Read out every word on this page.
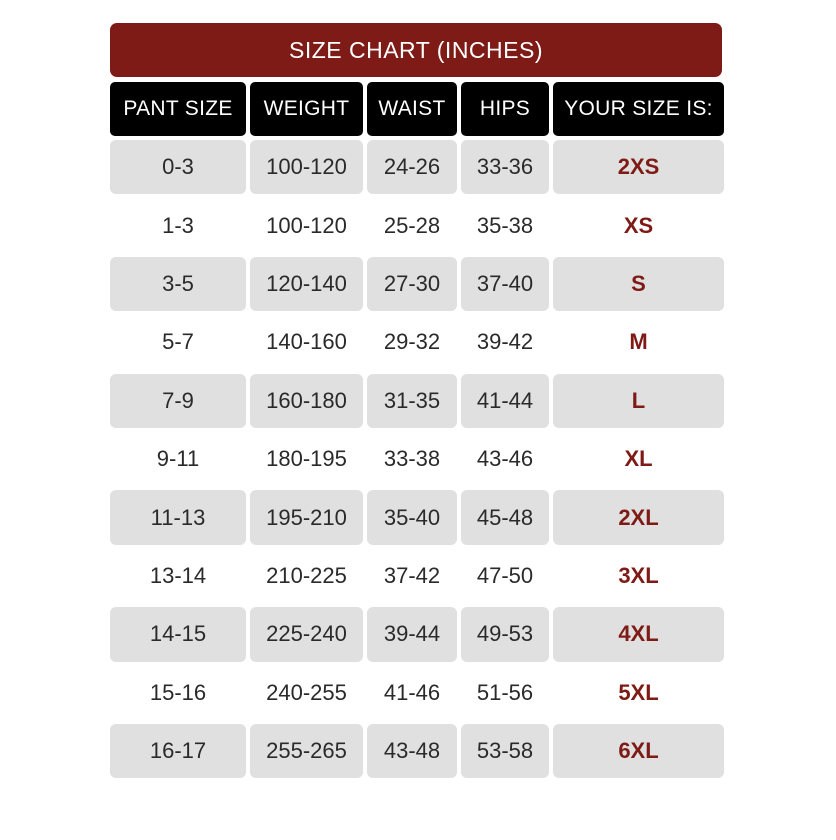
SIZE CHART (INCHES)
PANT SIZE	WEIGHT	WAIST	HIPS	YOUR SIZE IS:
0-3	100-120	24-26	33-36	2XS
1-3	100-120	25-28	35-38	XS
3-5	120-140	27-30	37-40	S
5-7	140-160	29-32	39-42	M
7-9	160-180	31-35	41-44	L
9-11	180-195	33-38	43-46	XL
11-13	195-210	35-40	45-48	2XL
13-14	210-225	37-42	47-50	3XL
14-15	225-240	39-44	49-53	4XL
15-16	240-255	41-46	51-56	5XL
16-17	255-265	43-48	53-58	6XL
